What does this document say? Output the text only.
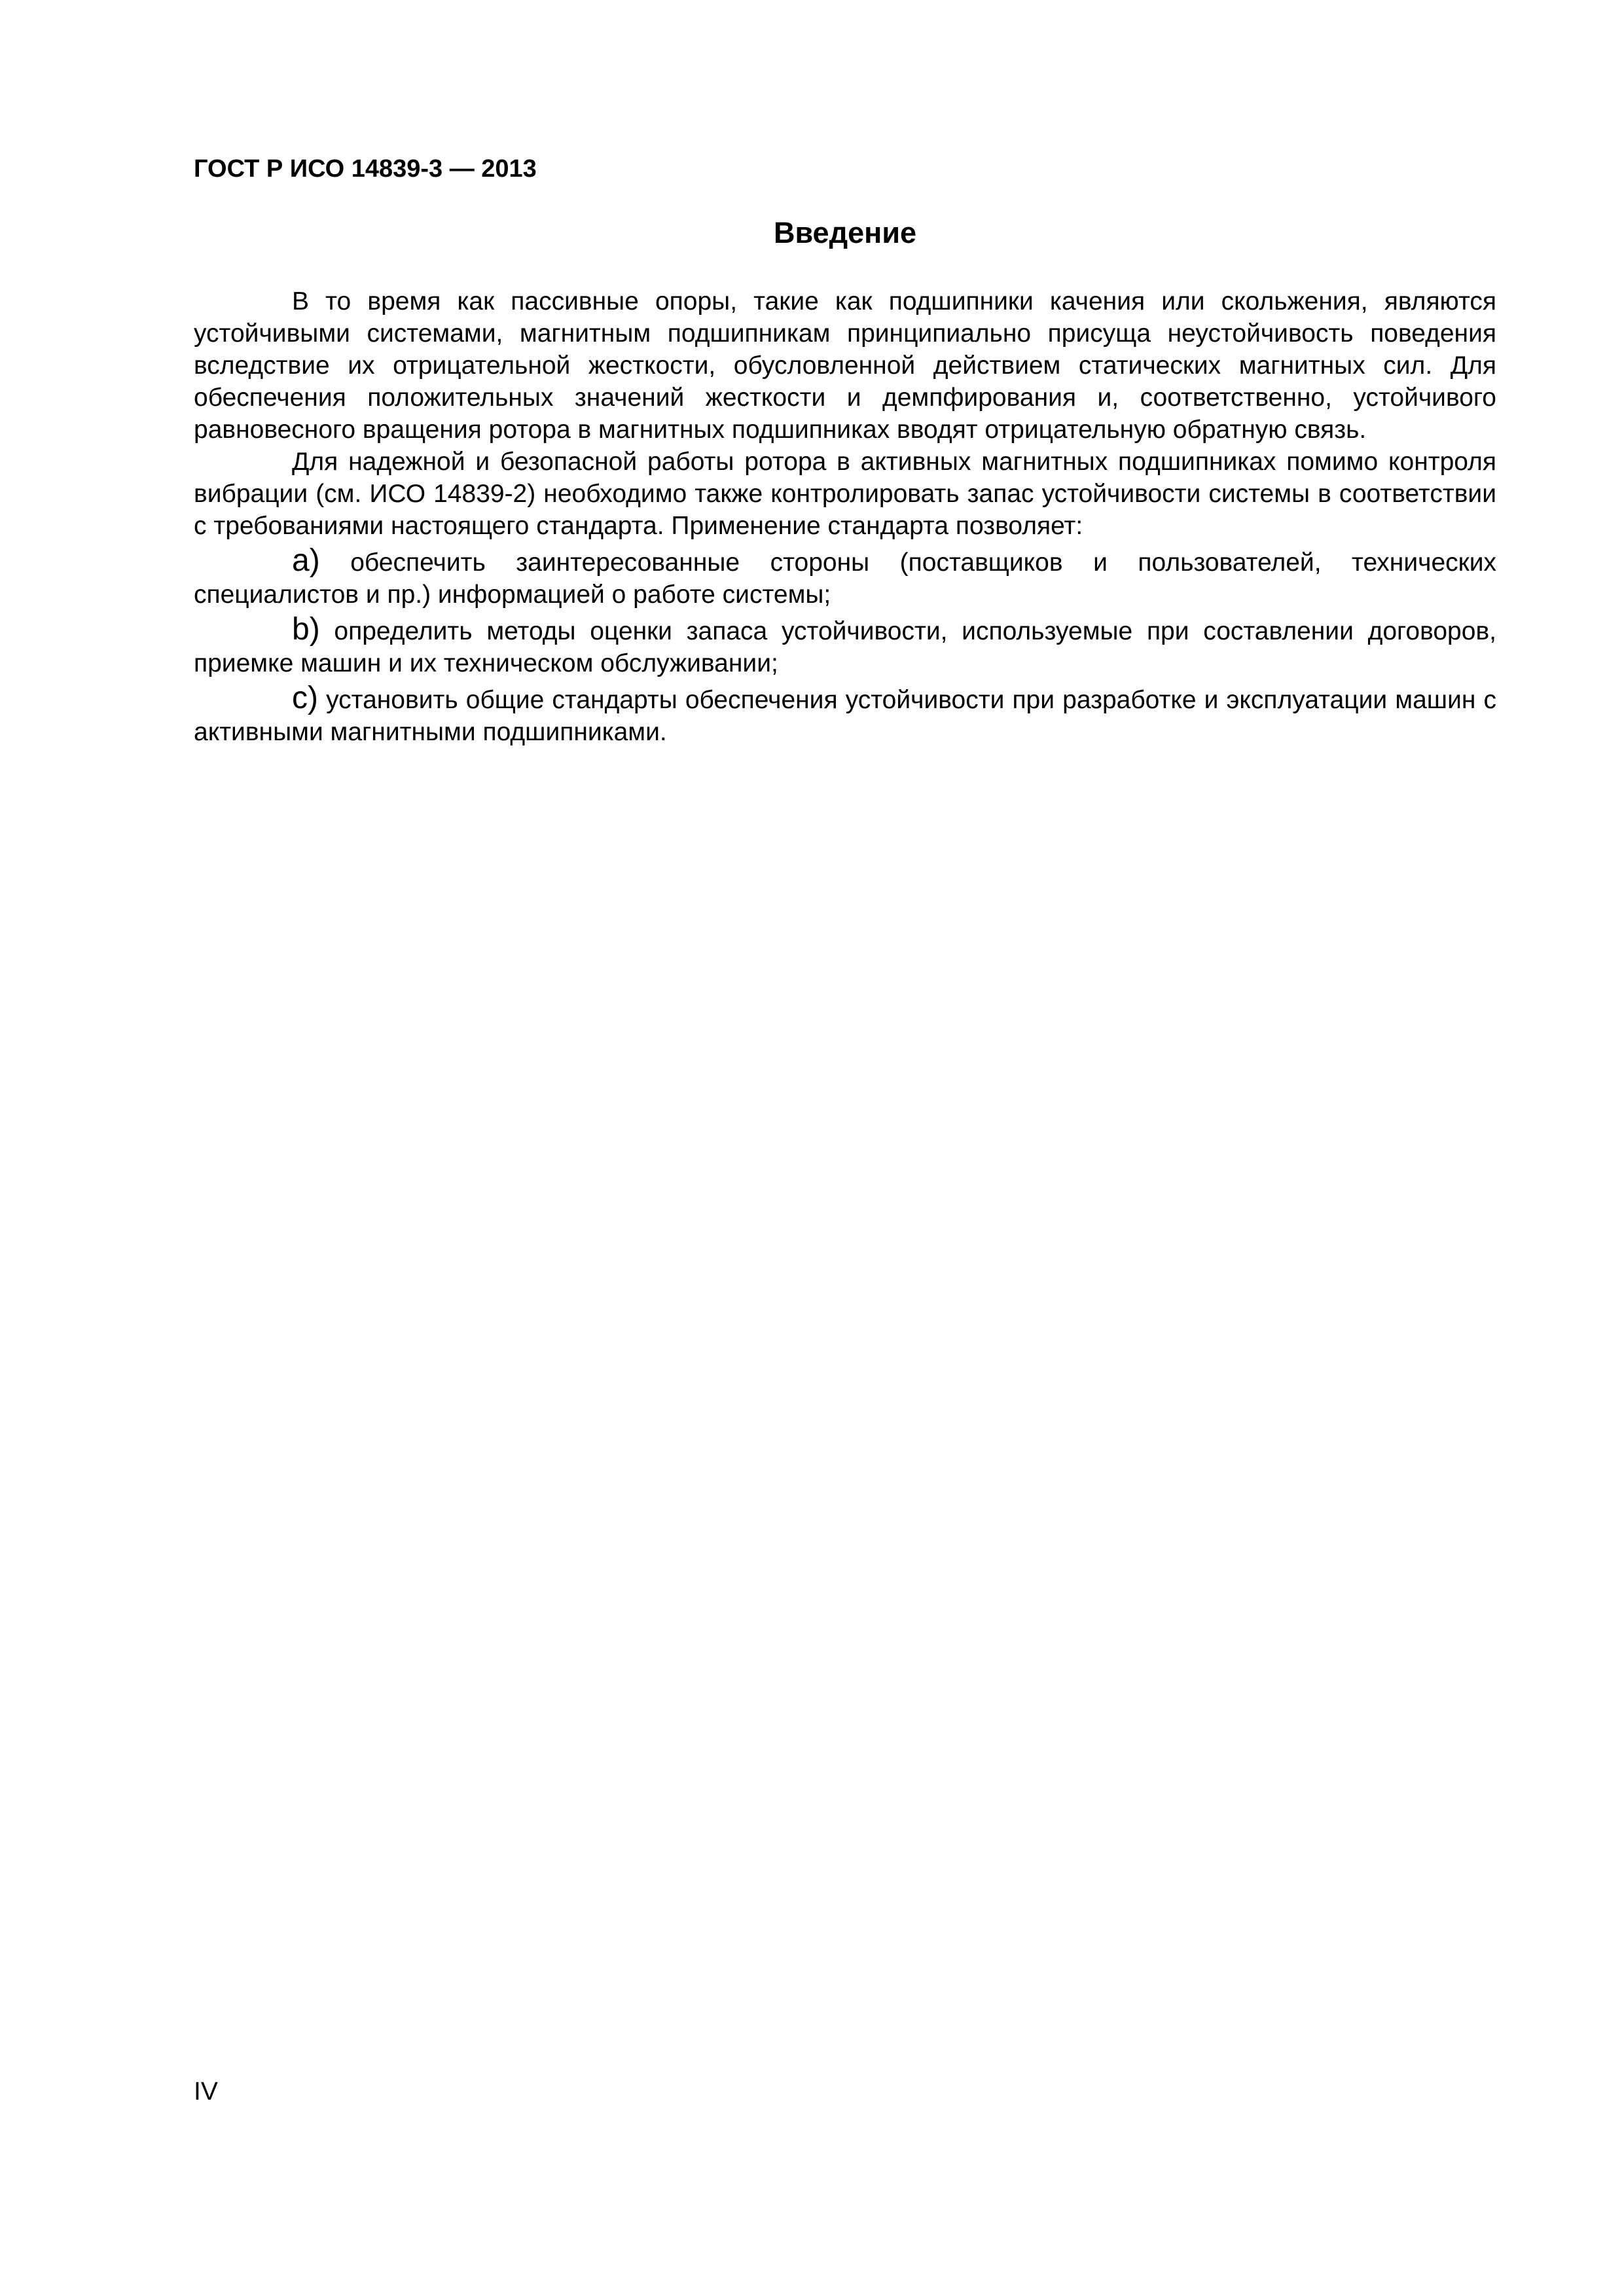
ГОСТ Р ИСО 14839-3 — 2013
Введение

В то время как пассивные опоры, такие как подшипники качения или скольжения, являются устойчивыми системами, магнитным подшипникам принципиально присуща неустойчивость поведения вследствие их отрицательной жесткости, обусловленной действием статических магнитных сил. Для обеспечения положительных значений жесткости и демпфирования и, соответственно, устойчивого равновесного вращения ротора в магнитных подшипниках вводят отрицательную обратную связь.

Для надежной и безопасной работы ротора в активных магнитных подшипниках помимо контроля вибрации (см. ИСО 14839-2) необходимо также контролировать запас устойчивости системы в соответствии с требованиями настоящего стандарта. Применение стандарта позволяет:

a) обеспечить заинтересованные стороны (поставщиков и пользователей, технических специалистов и пр.) информацией о работе системы;

b) определить методы оценки запаса устойчивости, используемые при составлении договоров, приемке машин и их техническом обслуживании;

c) установить общие стандарты обеспечения устойчивости при разработке и эксплуатации машин с активными магнитными подшипниками.

IV
